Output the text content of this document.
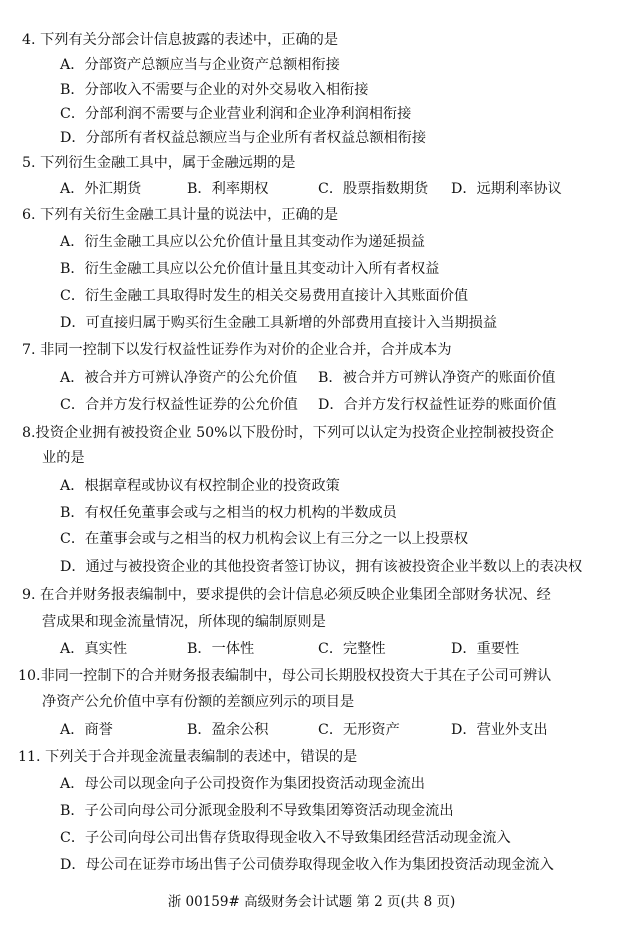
4. 下列有关分部会计信息披露的表述中，正确的是
A．分部资产总额应当与企业资产总额相衔接
B．分部收入不需要与企业的对外交易收入相衔接
C．分部利润不需要与企业营业利润和企业净利润相衔接
D．分部所有者权益总额应当与企业所有者权益总额相衔接
5. 下列衍生金融工具中，属于金融远期的是
A．外汇期货	B．利率期权	C．股票指数期货 D．远期利率协议
6. 下列有关衍生金融工具计量的说法中，正确的是
A．衍生金融工具应以公允价值计量且其变动作为递延损益
B．衍生金融工具应以公允价值计量且其变动计入所有者权益
C．衍生金融工具取得时发生的相关交易费用直接计入其账面价值
D．可直接归属于购买衍生金融工具新增的外部费用直接计入当期损益
7. 非同一控制下以发行权益性证券作为对价的企业合并，合并成本为
A．被合并方可辨认净资产的公允价值 B．被合并方可辨认净资产的账面价值
C．合并方发行权益性证券的公允价值 D．合并方发行权益性证券的账面价值
8.投资企业拥有被投资企业 50%以下股份时，下列可以认定为投资企业控制被投资企
业的是
A．根据章程或协议有权控制企业的投资政策
B．有权任免董事会或与之相当的权力机构的半数成员
C．在董事会或与之相当的权力机构会议上有三分之一以上投票权
D．通过与被投资企业的其他投资者签订协议，拥有该被投资企业半数以上的表决权
9. 在合并财务报表编制中，要求提供的会计信息必须反映企业集团全部财务状况、经
营成果和现金流量情况，所体现的编制原则是
A．真实性	B．一体性	C．完整性	D．重要性
10.非同一控制下的合并财务报表编制中，母公司长期股权投资大于其在子公司可辨认
净资产公允价值中享有份额的差额应列示的项目是
A．商誉	B．盈余公积	C．无形资产	D．营业外支出
11. 下列关于合并现金流量表编制的表述中，错误的是
A．母公司以现金向子公司投资作为集团投资活动现金流出
B．子公司向母公司分派现金股利不导致集团筹资活动现金流出
C．子公司向母公司出售存货取得现金收入不导致集团经营活动现金流入
D．母公司在证券市场出售子公司债券取得现金收入作为集团投资活动现金流入
浙 00159# 高级财务会计试题 第 2 页(共 8 页)
